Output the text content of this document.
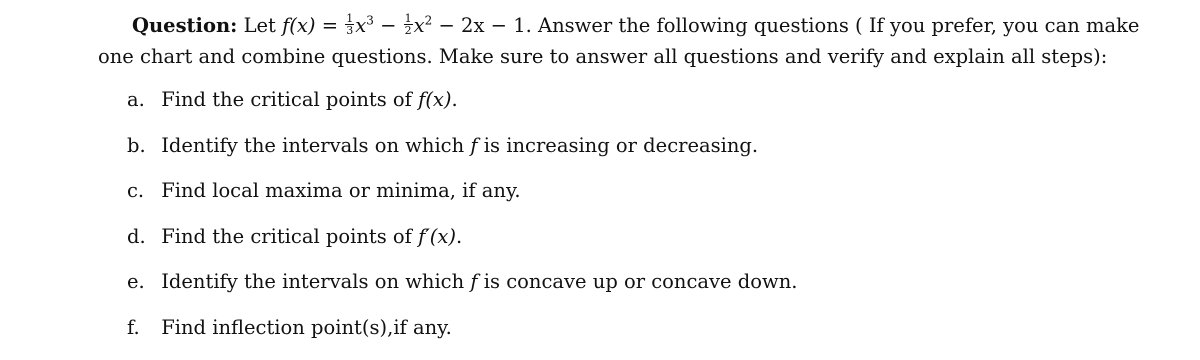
Question: Let $f(x) = \frac{1}{3} x^3 - \frac{1}{2} x^2 - 2x - 1$. Answer the following questions ( If you prefer, you can make
one chart and combine questions. Make sure to answer all questions and verify and explain all steps):
a. Find the critical points of f(x).
b. Identify the intervals on which f is increasing or decreasing.
c. Find local maxima or minima, if any.
d. Find the critical points of f′(x).
e. Identify the intervals on which f is concave up or concave down.
f. Find inflection point(s),if any.
